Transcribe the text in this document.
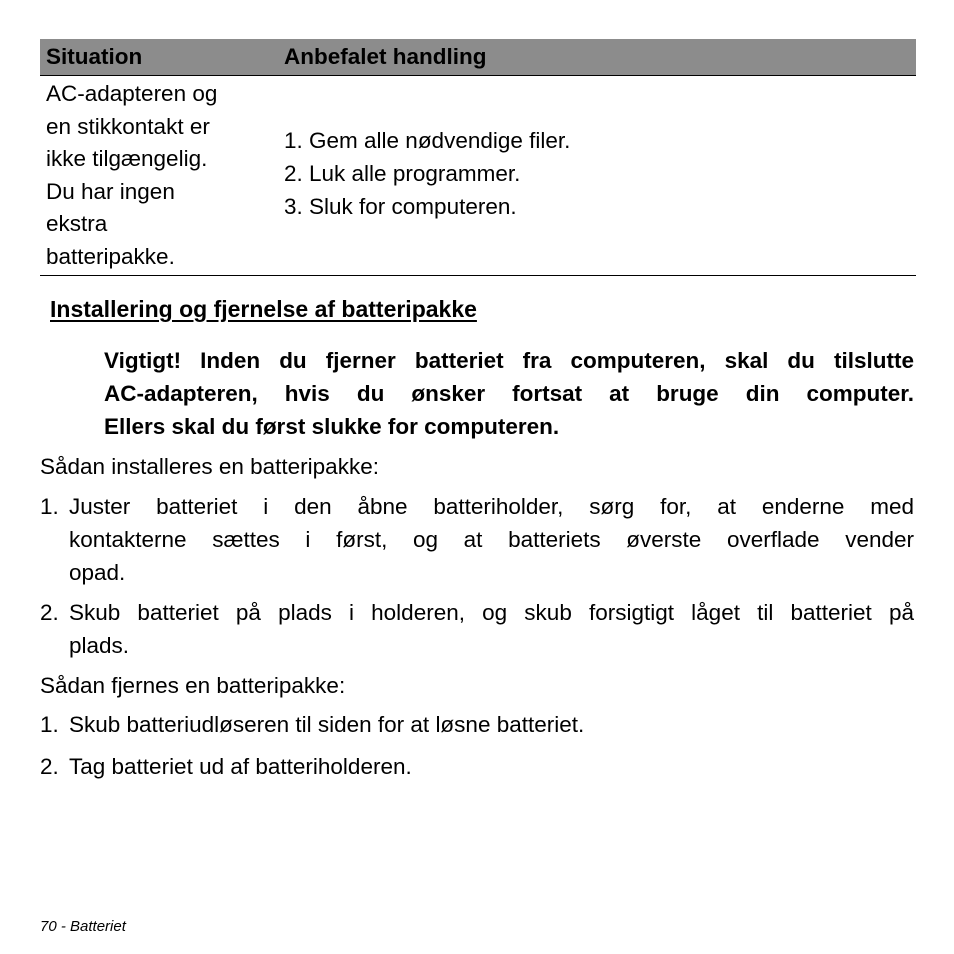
Situation	Anbefalet handling
AC-adapteren og
en stikkontakt er
ikke tilgængelig.
Du har ingen
ekstra
batteripakke.
1. Gem alle nødvendige filer.
2. Luk alle programmer.
3. Sluk for computeren.
Installering og fjernelse af batteripakke
Vigtigt! Inden du fjerner batteriet fra computeren, skal du tilslutte
AC-adapteren, hvis du ønsker fortsat at bruge din computer.
Ellers skal du først slukke for computeren.
Sådan installeres en batteripakke:
1. Juster batteriet i den åbne batteriholder, sørg for, at enderne med
kontakterne sættes i først, og at batteriets øverste overflade vender
opad.
2. Skub batteriet på plads i holderen, og skub forsigtigt låget til batteriet på
plads.
Sådan fjernes en batteripakke:
1. Skub batteriudløseren til siden for at løsne batteriet.
2. Tag batteriet ud af batteriholderen.
70 - Batteriet
